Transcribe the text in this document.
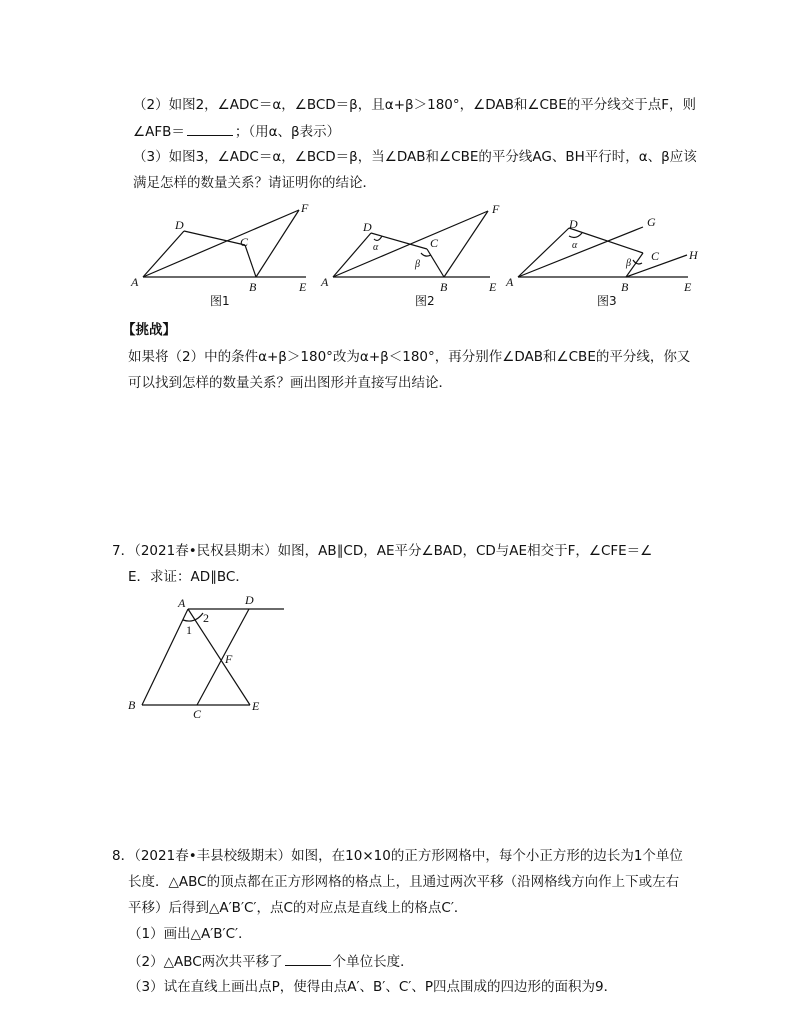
（2）如图2，∠ADC＝α，∠BCD＝β，且α+β＞180°，∠DAB和∠CBE的平分线交于点F，则
∠AFB＝	；（用α、β表示）
（3）如图3，∠ADC＝α，∠BCD＝β，当∠DAB和∠CBE的平分线AG、BH平行时，α、β应该
满足怎样的数量关系？请证明你的结论．
A
D
C
B	E
F
图1
A
D
C
B	E
F
α
β
图2
A
D
C
B	E
G
H
α
β
图3
A	D
B
C
E
F
1
2
【挑战】
如果将（2）中的条件α+β＞180°改为α+β＜180°，再分别作∠DAB和∠CBE的平分线，你又
可以找到怎样的数量关系？画出图形并直接写出结论．
7．（2021春•民权县期末）如图，AB∥CD，AE平分∠BAD，CD与AE相交于F，∠CFE＝∠
E．求证：AD∥BC．
8．（2021春•丰县校级期末）如图，在10×10的正方形网格中，每个小正方形的边长为1个单位
长度．△ABC的顶点都在正方形网格的格点上，且通过两次平移（沿网格线方向作上下或左右
平移）后得到△A′B′C′，点C的对应点是直线上的格点C′．
（1）画出△A′B′C′．
（2）△ABC两次共平移了	个单位长度．
（3）试在直线上画出点P，使得由点A′、B′、C′、P四点围成的四边形的面积为9．
